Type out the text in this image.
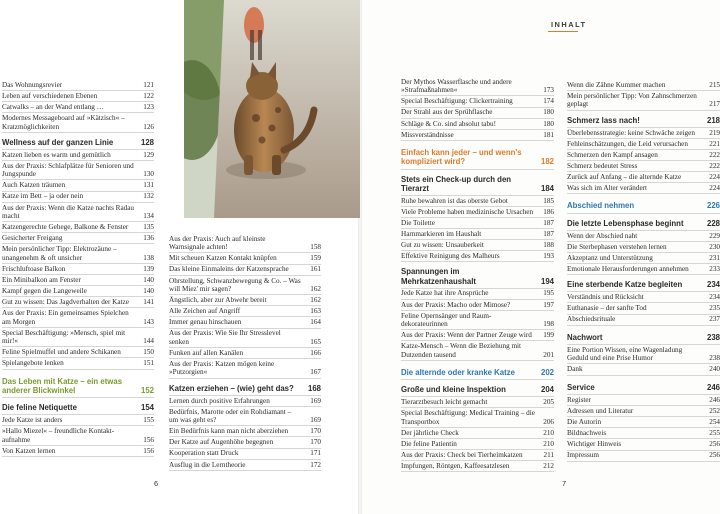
INHALT
Das Wohnungsrevier	121
Leben auf verschiedenen Ebenen	122
Catwalks – an der Wand entlang …	123
Modernes Messageboard auf »Kätzisch« – Kratzmöglichkeiten	126
Wellness auf der ganzen Linie	128
Katzen lieben es warm und gemütlich	129
Aus der Praxis: Schlafplätze für Senioren und Jungspunde	130
Auch Katzen träumen	131
Katze im Bett – ja oder nein	132
Aus der Praxis: Wenn die Katze nachts Radau macht	134
Katzengerechte Gehege, Balkone & Fenster	135
Gesicherter Freigang	136
Mein persönlicher Tipp: Elektrozäune – unangenehm & oft unsicher	138
Frischluftoase Balkon	139
Ein Minibalkon am Fenster	140
Kampf gegen die Langeweile	140
Gut zu wissen: Das Jagdverhalten der Katze	141
Aus der Praxis: Ein gemeinsames Spielchen am Morgen	143
Special Beschäftigung: »Mensch, spiel mit mir!«	144
Feline Spielmuffel und andere Schikanen	150
Spielangebote lenken	151
Das Leben mit Katze – ein etwas anderer Blickwinkel	152
Die feline Netiquette	154
Jede Katze ist anders	155
»Hallo Miezel« – freundliche Kontakt-aufnahme	156
Von Katzen lernen	156
Aus der Praxis: Auch auf kleinste Warnsignale achten!	158
Mit scheuen Katzen Kontakt knüpfen	159
Das kleine Einmaleins der Katzensprache	161
Ohrstellung, Schwanzbewegung & Co. – Was will Miez' mir sagen?	162
Ängstlich, aber zur Abwehr bereit	162
Alle Zeichen auf Angriff	163
Immer genau hinschauen	164
Aus der Praxis: Wie Sie Ihr Stresslevel senken	165
Funken auf allen Kanälen	166
Aus der Praxis: Katzen mögen keine »Putzorgien«	167
Katzen erziehen – (wie) geht das?	168
Lernen durch positive Erfahrungen	169
Bedürfnis, Marotte oder ein Rohdiamant – um was geht es?	169
Ein Bedürfnis kann man nicht aberziehen	170
Der Katze auf Augenhöhe begegnen	170
Kooperation statt Druck	171
Ausflug in die Lerntheorie	172
Der Mythos Wasserflasche und andere »Strafmaßnahmen«	173
Special Beschäftigung: Clickertraining	174
Der Strahl aus der Sprühflasche	180
Schläge & Co. sind absolut tabu!	180
Missverständnisse	181
Einfach kann jeder – und wenn's kompliziert wird?	182
Stets ein Check-up durch den Tierarzt	184
Ruhe bewahren ist das oberste Gebot	185
Viele Probleme haben medizinische Ursachen	186
Die Toilette	187
Harnmarkieren im Haushalt	187
Gut zu wissen: Unsauberkeit	188
Effektive Reinigung des Malheurs	193
Spannungen im Mehrkatzenhaushalt	194
Jede Katze hat ihre Ansprüche	195
Aus der Praxis: Macho oder Mimose?	197
Feline Opernsänger und Raum-dekorateurinnen	198
Aus der Praxis: Wenn der Partner Zeuge wird	199
Katze-Mensch – Wenn die Beziehung mit Dutzenden tausend	201
Die alternde oder kranke Katze	202
Große und kleine Inspektion	204
Tierarztbesuch leicht gemacht	205
Special Beschäftigung: Medical Training – die Transportbox	206
Der jährliche Check	210
Die feline Patientin	210
Aus der Praxis: Check bei Tierheimkatzen	211
Impfungen, Röntgen, Kaffeesatzlesen	212
Wenn die Zähne Kummer machen	215
Mein persönlicher Tipp: Von Zahnschmerzen geplagt	217
Schmerz lass nach!	218
Überlebensstrategie: keine Schwäche zeigen	219
Fehleinschätzungen, die Leid verursachen	221
Schmerzen den Kampf ansagen	222
Schmerz bedeutet Stress	222
Zurück auf Anfang – die alternde Katze	224
Was sich im Alter verändert	224
Abschied nehmen	226
Die letzte Lebensphase beginnt	228
Wenn der Abschied naht	229
Die Sterbephasen verstehen lernen	230
Akzeptanz und Unterstützung	231
Emotionale Herausforderungen annehmen	233
Eine sterbende Katze begleiten	234
Verständnis und Rücksicht	234
Euthanasie – der sanfte Tod	235
Abschiedsrituale	237
Nachwort	238
Eine Portion Wissen, eine Wagenladung Geduld und eine Prise Humor	238
Dank	240
Service	246
Register	246
Adressen und Literatur	252
Die Autorin	254
Bildnachweis	255
Wichtiger Hinweis	256
Impressum	256
6	7
